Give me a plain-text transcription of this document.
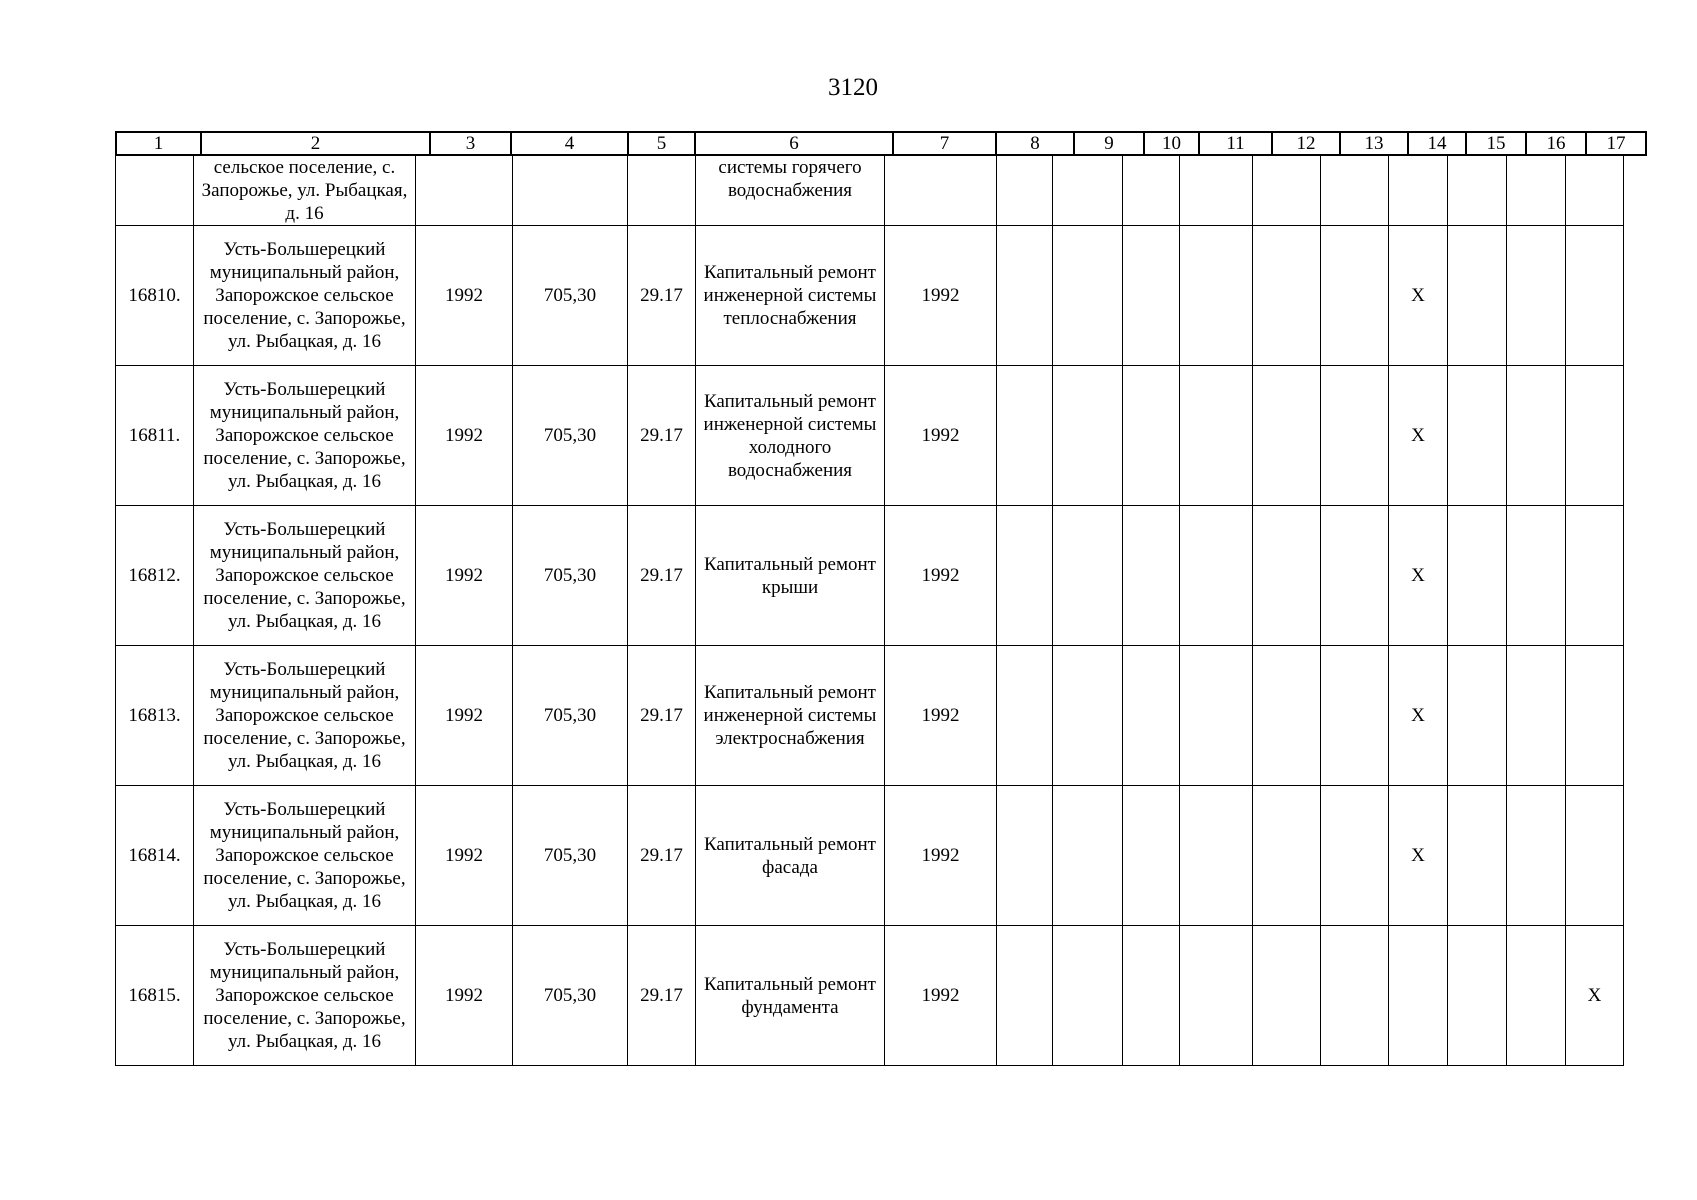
3120
1	2	3	4	5	6	7	8	9	10	11	12	13	14	15	16	17
	сельское поселение, с. Запорожье, ул. Рыбацкая, д. 16				системы горячего водоснабжения											
16810.	Усть-Большерецкий муниципальный район, Запорожское сельское поселение, с. Запорожье, ул. Рыбацкая, д. 16	1992	705,30	29.17	Капитальный ремонт инженерной системы теплоснабжения	1992							X			
16811.	Усть-Большерецкий муниципальный район, Запорожское сельское поселение, с. Запорожье, ул. Рыбацкая, д. 16	1992	705,30	29.17	Капитальный ремонт инженерной системы холодного водоснабжения	1992							X			
16812.	Усть-Большерецкий муниципальный район, Запорожское сельское поселение, с. Запорожье, ул. Рыбацкая, д. 16	1992	705,30	29.17	Капитальный ремонт крыши	1992							X			
16813.	Усть-Большерецкий муниципальный район, Запорожское сельское поселение, с. Запорожье, ул. Рыбацкая, д. 16	1992	705,30	29.17	Капитальный ремонт инженерной системы электроснабжения	1992							X			
16814.	Усть-Большерецкий муниципальный район, Запорожское сельское поселение, с. Запорожье, ул. Рыбацкая, д. 16	1992	705,30	29.17	Капитальный ремонт фасада	1992							X			
16815.	Усть-Большерецкий муниципальный район, Запорожское сельское поселение, с. Запорожье, ул. Рыбацкая, д. 16	1992	705,30	29.17	Капитальный ремонт фундамента	1992										X
